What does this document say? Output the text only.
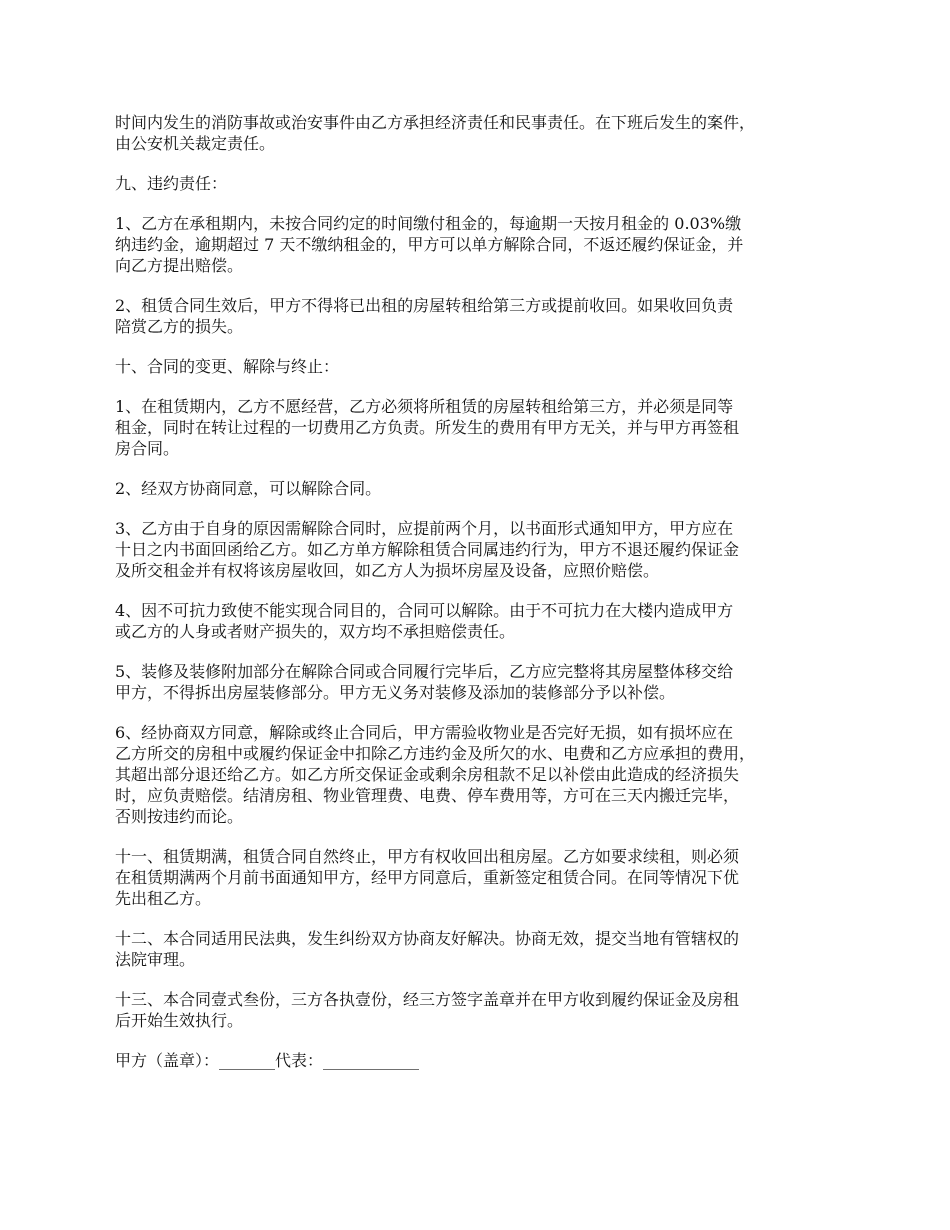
时间内发生的消防事故或治安事件由乙方承担经济责任和民事责任。在下班后发生的案件，
由公安机关裁定责任。

九、违约责任：

1、乙方在承租期内，未按合同约定的时间缴付租金的，每逾期一天按月租金的 0.03%缴
纳违约金，逾期超过 7 天不缴纳租金的，甲方可以单方解除合同，不返还履约保证金，并
向乙方提出赔偿。

2、租赁合同生效后，甲方不得将已出租的房屋转租给第三方或提前收回。如果收回负责
陪赏乙方的损失。

十、合同的变更、解除与终止：

1、在租赁期内，乙方不愿经营，乙方必须将所租赁的房屋转租给第三方，并必须是同等
租金，同时在转让过程的一切费用乙方负责。所发生的费用有甲方无关，并与甲方再签租
房合同。

2、经双方协商同意，可以解除合同。

3、乙方由于自身的原因需解除合同时，应提前两个月，以书面形式通知甲方，甲方应在
十日之内书面回函给乙方。如乙方单方解除租赁合同属违约行为，甲方不退还履约保证金
及所交租金并有权将该房屋收回，如乙方人为损坏房屋及设备，应照价赔偿。

4、因不可抗力致使不能实现合同目的，合同可以解除。由于不可抗力在大楼内造成甲方
或乙方的人身或者财产损失的，双方均不承担赔偿责任。

5、装修及装修附加部分在解除合同或合同履行完毕后，乙方应完整将其房屋整体移交给
甲方，不得拆出房屋装修部分。甲方无义务对装修及添加的装修部分予以补偿。

6、经协商双方同意，解除或终止合同后，甲方需验收物业是否完好无损，如有损坏应在
乙方所交的房租中或履约保证金中扣除乙方违约金及所欠的水、电费和乙方应承担的费用，
其超出部分退还给乙方。如乙方所交保证金或剩余房租款不足以补偿由此造成的经济损失
时，应负责赔偿。结清房租、物业管理费、电费、停车费用等，方可在三天内搬迁完毕，
否则按违约而论。

十一、租赁期满，租赁合同自然终止，甲方有权收回出租房屋。乙方如要求续租，则必须
在租赁期满两个月前书面通知甲方，经甲方同意后，重新签定租赁合同。在同等情况下优
先出租乙方。

十二、本合同适用民法典，发生纠纷双方协商友好解决。协商无效，提交当地有管辖权的
法院审理。

十三、本合同壹式叁份，三方各执壹份，经三方签字盖章并在甲方收到履约保证金及房租
后开始生效执行。

甲方（盖章）：_______代表：____________
